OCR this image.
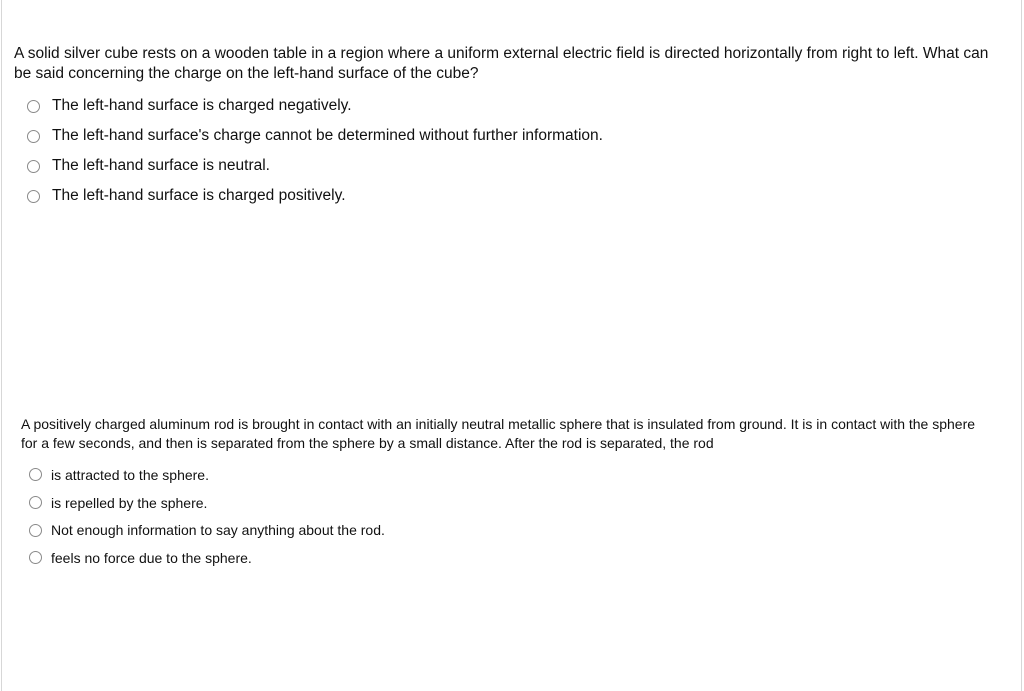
A solid silver cube rests on a wooden table in a region where a uniform external electric field is directed horizontally from right to left. What can be said concerning the charge on the left-hand surface of the cube?

The left-hand surface is charged negatively.
The left-hand surface's charge cannot be determined without further information.
The left-hand surface is neutral.
The left-hand surface is charged positively.

A positively charged aluminum rod is brought in contact with an initially neutral metallic sphere that is insulated from ground. It is in contact with the sphere for a few seconds, and then is separated from the sphere by a small distance. After the rod is separated, the rod

is attracted to the sphere.
is repelled by the sphere.
Not enough information to say anything about the rod.
feels no force due to the sphere.
